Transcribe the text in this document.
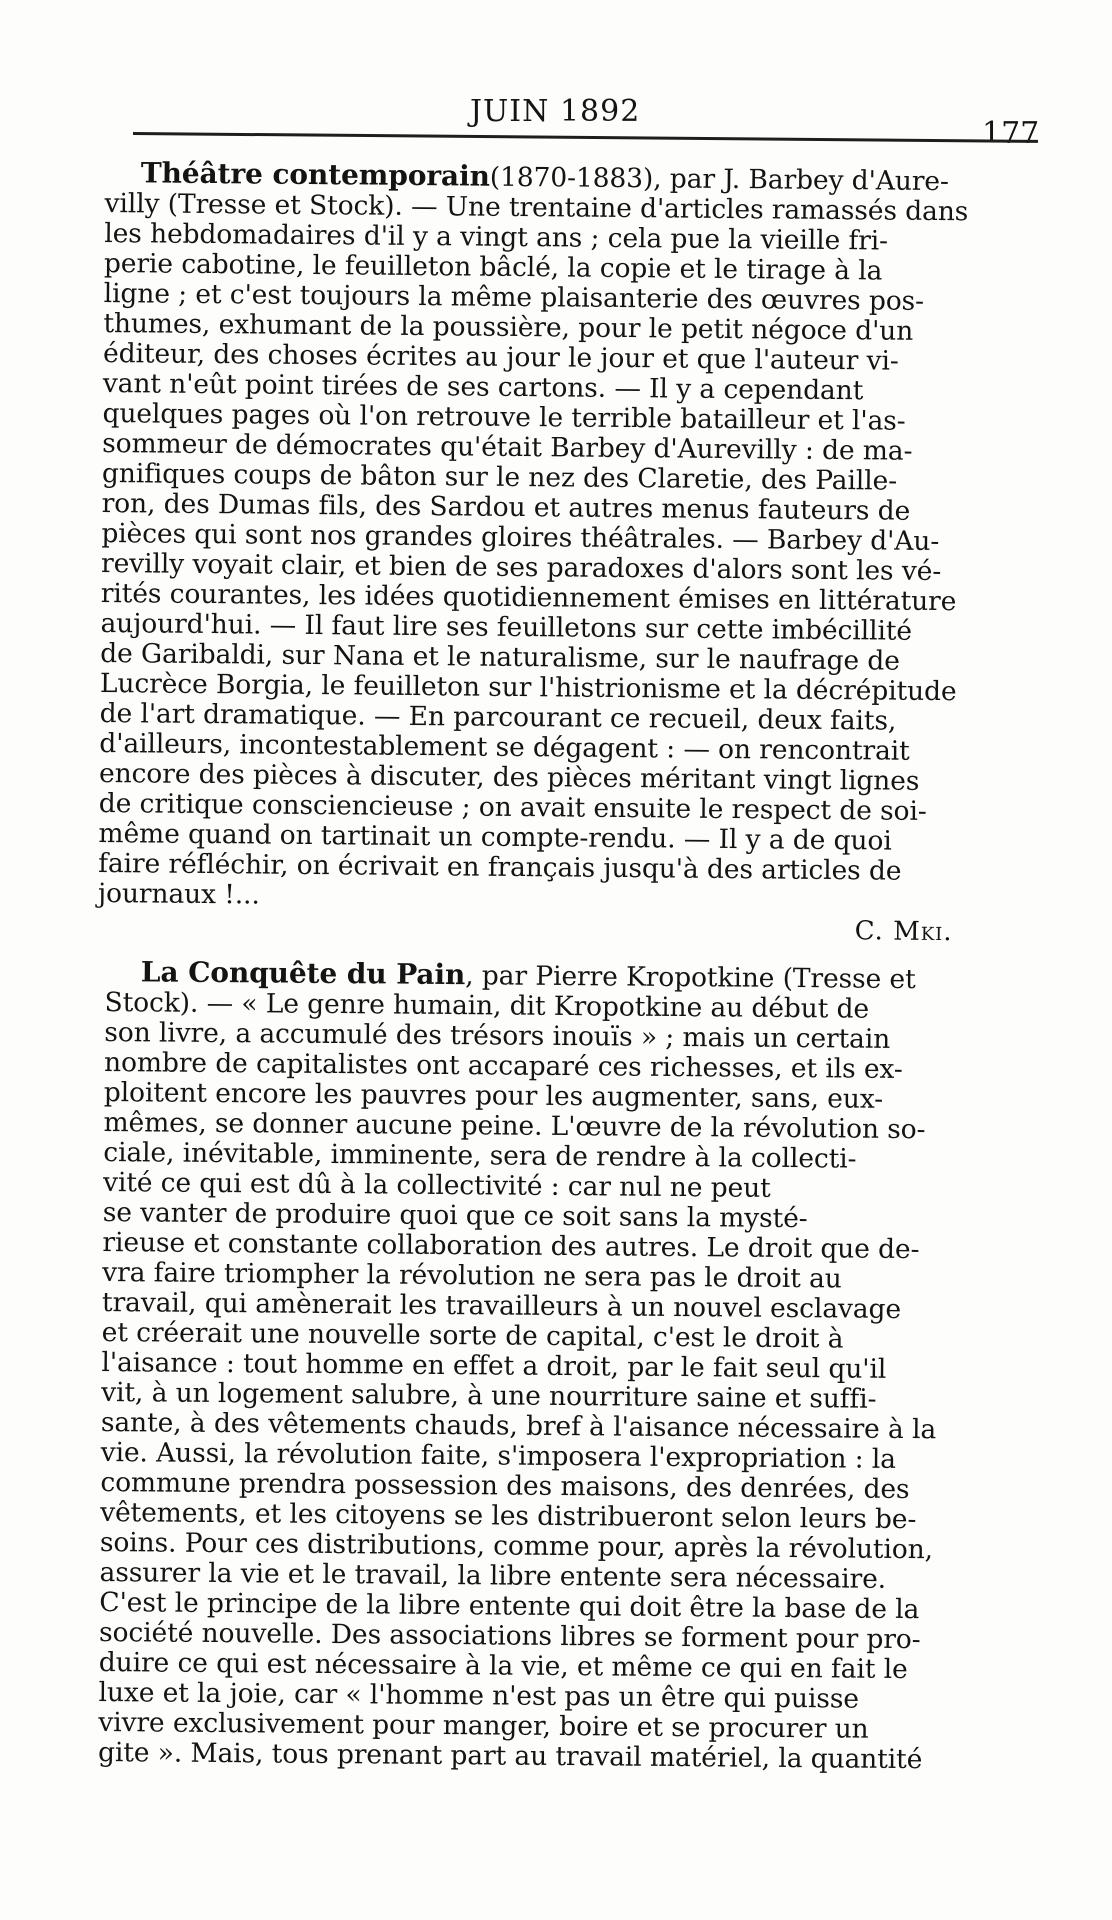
JUIN 1892
177
Théâtre contemporain(1870-1883), par J. Barbey d'Aure-
villy (Tresse et Stock). — Une trentaine d'articles ramassés dans
les hebdomadaires d'il y a vingt ans ; cela pue la vieille fri-
perie cabotine, le feuilleton bâclé, la copie et le tirage à la
ligne ; et c'est toujours la même plaisanterie des œuvres pos-
thumes, exhumant de la poussière, pour le petit négoce d'un
éditeur, des choses écrites au jour le jour et que l'auteur vi-
vant n'eût point tirées de ses cartons. — Il y a cependant
quelques pages où l'on retrouve le terrible batailleur et l'as-
sommeur de démocrates qu'était Barbey d'Aurevilly : de ma-
gnifiques coups de bâton sur le nez des Claretie, des Paille-
ron, des Dumas fils, des Sardou et autres menus fauteurs de
pièces qui sont nos grandes gloires théâtrales. — Barbey d'Au-
revilly voyait clair, et bien de ses paradoxes d'alors sont les vé-
rités courantes, les idées quotidiennement émises en littérature
aujourd'hui. — Il faut lire ses feuilletons sur cette imbécillité
de Garibaldi, sur Nana et le naturalisme, sur le naufrage de
Lucrèce Borgia, le feuilleton sur l'histrionisme et la décrépitude
de l'art dramatique. — En parcourant ce recueil, deux faits,
d'ailleurs, incontestablement se dégagent : — on rencontrait
encore des pièces à discuter, des pièces méritant vingt lignes
de critique consciencieuse ; on avait ensuite le respect de soi-
même quand on tartinait un compte-rendu. — Il y a de quoi
faire réfléchir, on écrivait en français jusqu'à des articles de
journaux !...
C. Mki.
La Conquête du Pain, par Pierre Kropotkine (Tresse et
Stock). — « Le genre humain, dit Kropotkine au début de
son livre, a accumulé des trésors inouïs » ; mais un certain
nombre de capitalistes ont accaparé ces richesses, et ils ex-
ploitent encore les pauvres pour les augmenter, sans, eux-
mêmes, se donner aucune peine. L'œuvre de la révolution so-
ciale, inévitable, imminente, sera de rendre à la collecti-
vité ce qui est dû à la collectivité : car nul ne peut
se vanter de produire quoi que ce soit sans la mysté-
rieuse et constante collaboration des autres. Le droit que de-
vra faire triompher la révolution ne sera pas le droit au
travail, qui amènerait les travailleurs à un nouvel esclavage
et créerait une nouvelle sorte de capital, c'est le droit à
l'aisance : tout homme en effet a droit, par le fait seul qu'il
vit, à un logement salubre, à une nourriture saine et suffi-
sante, à des vêtements chauds, bref à l'aisance nécessaire à la
vie. Aussi, la révolution faite, s'imposera l'expropriation : la
commune prendra possession des maisons, des denrées, des
vêtements, et les citoyens se les distribueront selon leurs be-
soins. Pour ces distributions, comme pour, après la révolution,
assurer la vie et le travail, la libre entente sera nécessaire.
C'est le principe de la libre entente qui doit être la base de la
société nouvelle. Des associations libres se forment pour pro-
duire ce qui est nécessaire à la vie, et même ce qui en fait le
luxe et la joie, car « l'homme n'est pas un être qui puisse
vivre exclusivement pour manger, boire et se procurer un
gite ». Mais, tous prenant part au travail matériel, la quantité
